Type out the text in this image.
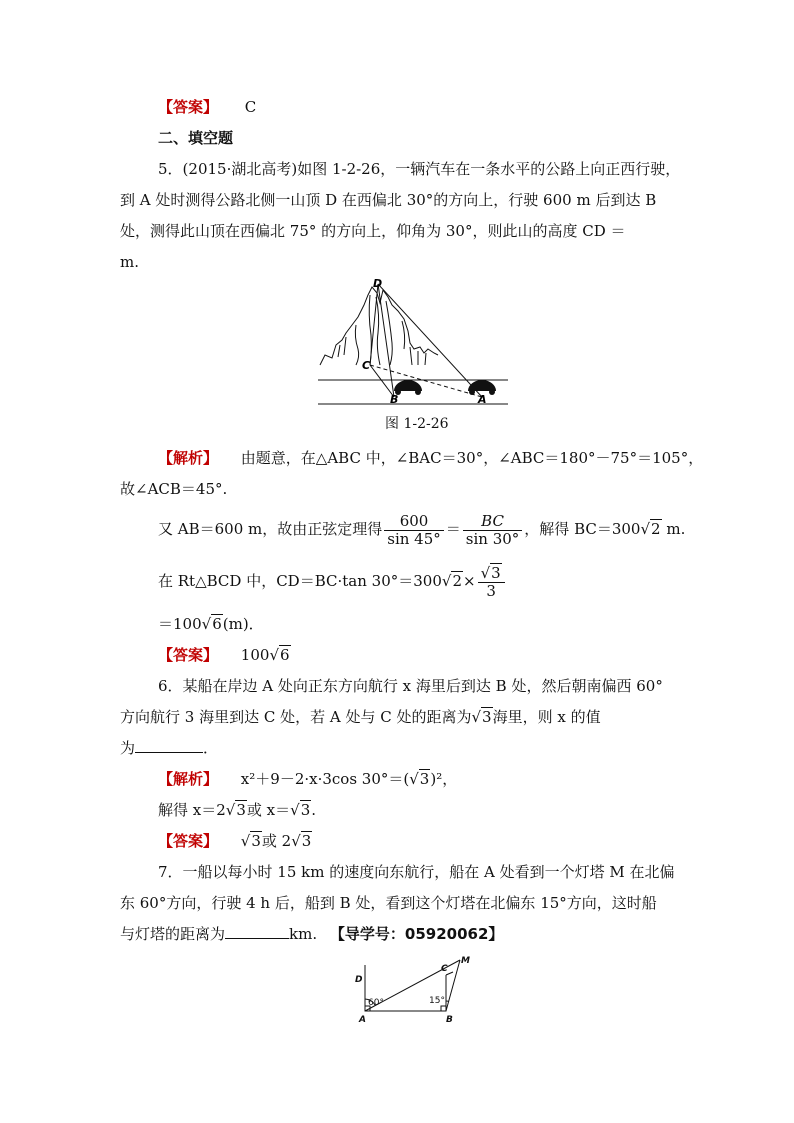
【答案】 C
二、填空题
5．(2015·湖北高考)如图 1-2-26，一辆汽车在一条水平的公路上向正西行驶，
到 A 处时测得公路北侧一山顶 D 在西偏北 30°的方向上，行驶 600 m 后到达 B
处，测得此山顶在西偏北 75° 的方向上，仰角为 30°，则此山的高度 CD ＝
m.
D
C
B	A
图 1-2-26
【解析】 由题意，在△ABC 中，∠BAC＝30°，∠ABC＝180°－75°＝105°，
故∠ACB＝45°.
又 AB＝600 m，故由正弦定理得 $\frac{600}{\sin 45^\circ} = \frac{BC}{\sin 30^\circ}$ ，解得 BC＝300√2 m.
在 Rt△BCD 中，CD＝BC·tan $30^\circ=300√2\times \frac{√3}{3}$
＝100√6(m)．
【答案】 100√6
6．某船在岸边 A 处向正东方向航行 x 海里后到达 B 处，然后朝南偏西 60°
方向航行 3 海里到达 C 处，若 A 处与 C 处的距离为√3海里，则 x 的值
为	．
【解析】 x²＋9－2·x·3cos 30°＝(√3)²，
解得 x＝2√3或 x＝√3.
【答案】 √3或 2√3
7．一船以每小时 15 km 的速度向东航行，船在 A 处看到一个灯塔 M 在北偏
东 60°方向，行驶 4 h 后，船到 B 处，看到这个灯塔在北偏东 15°方向，这时船
与灯塔的距离为	km. 【导学号：05920062】
D
C
M
A	B
60°	15°
